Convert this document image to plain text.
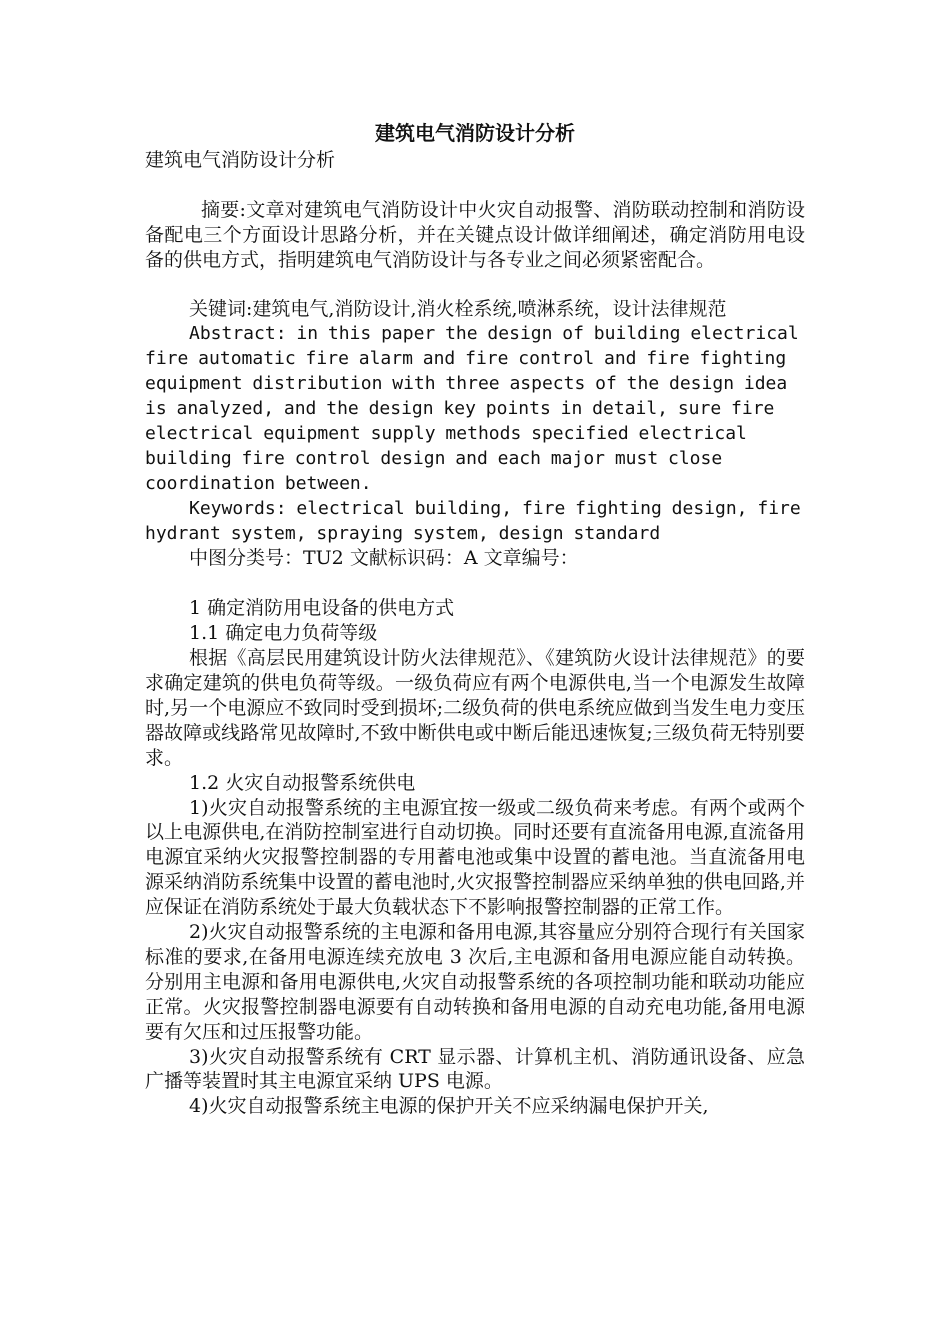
建筑电气消防设计分析

建筑电气消防设计分析

摘要:文章对建筑电气消防设计中火灾自动报警、消防联动控制和消防设备配电三个方面设计思路分析，并在关键点设计做详细阐述，确定消防用电设备的供电方式，指明建筑电气消防设计与各专业之间必须紧密配合。

关键词:建筑电气,消防设计,消火栓系统,喷淋系统，设计法律规范

Abstract: in this paper the design of building electrical fire automatic fire alarm and fire control and fire fighting equipment distribution with three aspects of the design idea is analyzed, and the design key points in detail, sure fire electrical equipment supply methods specified electrical building fire control design and each major must close coordination between.

Keywords: electrical building, fire fighting design, fire hydrant system, spraying system, design standard

中图分类号：TU2 文献标识码：A 文章编号：

1 确定消防用电设备的供电方式

1.1 确定电力负荷等级

根据《高层民用建筑设计防火法律规范》、《建筑防火设计法律规范》的要求确定建筑的供电负荷等级。一级负荷应有两个电源供电,当一个电源发生故障时,另一个电源应不致同时受到损坏;二级负荷的供电系统应做到当发生电力变压器故障或线路常见故障时,不致中断供电或中断后能迅速恢复;三级负荷无特别要求。

1.2 火灾自动报警系统供电

1)火灾自动报警系统的主电源宜按一级或二级负荷来考虑。有两个或两个以上电源供电,在消防控制室进行自动切换。同时还要有直流备用电源,直流备用电源宜采纳火灾报警控制器的专用蓄电池或集中设置的蓄电池。当直流备用电源采纳消防系统集中设置的蓄电池时,火灾报警控制器应采纳单独的供电回路,并应保证在消防系统处于最大负载状态下不影响报警控制器的正常工作。

2)火灾自动报警系统的主电源和备用电源,其容量应分别符合现行有关国家标准的要求,在备用电源连续充放电 3 次后,主电源和备用电源应能自动转换。分别用主电源和备用电源供电,火灾自动报警系统的各项控制功能和联动功能应正常。火灾报警控制器电源要有自动转换和备用电源的自动充电功能,备用电源要有欠压和过压报警功能。

3)火灾自动报警系统有 CRT 显示器、计算机主机、消防通讯设备、应急广播等装置时其主电源宜采纳 UPS 电源。

4)火灾自动报警系统主电源的保护开关不应采纳漏电保护开关,
